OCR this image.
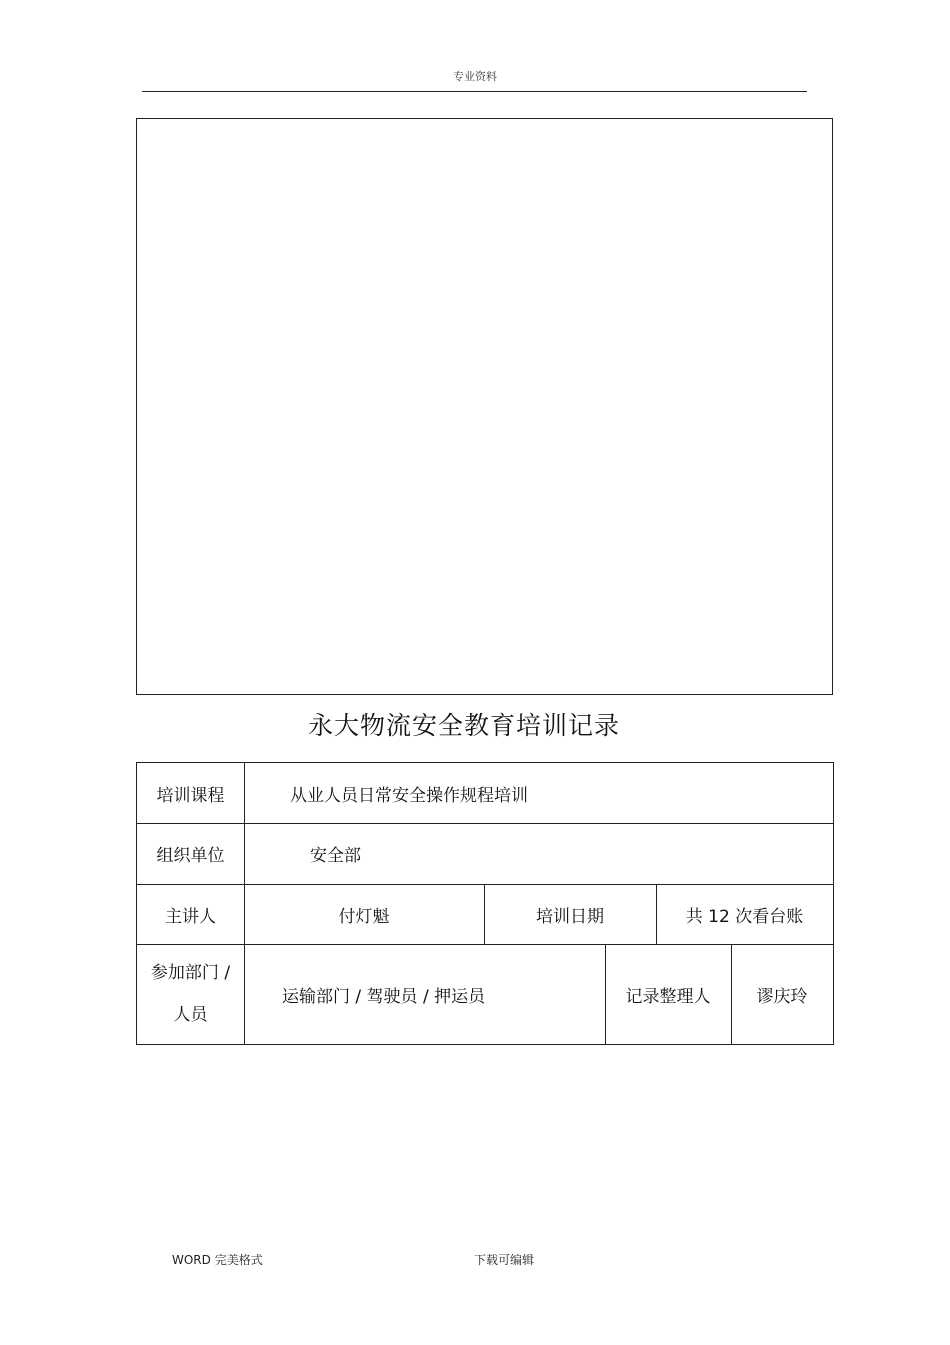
专业资料
永大物流安全教育培训记录
培训课程	从业人员日常安全操作规程培训
组织单位	安全部
主讲人	付灯魁	培训日期	共 12 次看台账
参加部门 /
人员
运输部门 / 驾驶员 / 押运员	记录整理人	谬庆玲
WORD 完美格式	下载可编辑
